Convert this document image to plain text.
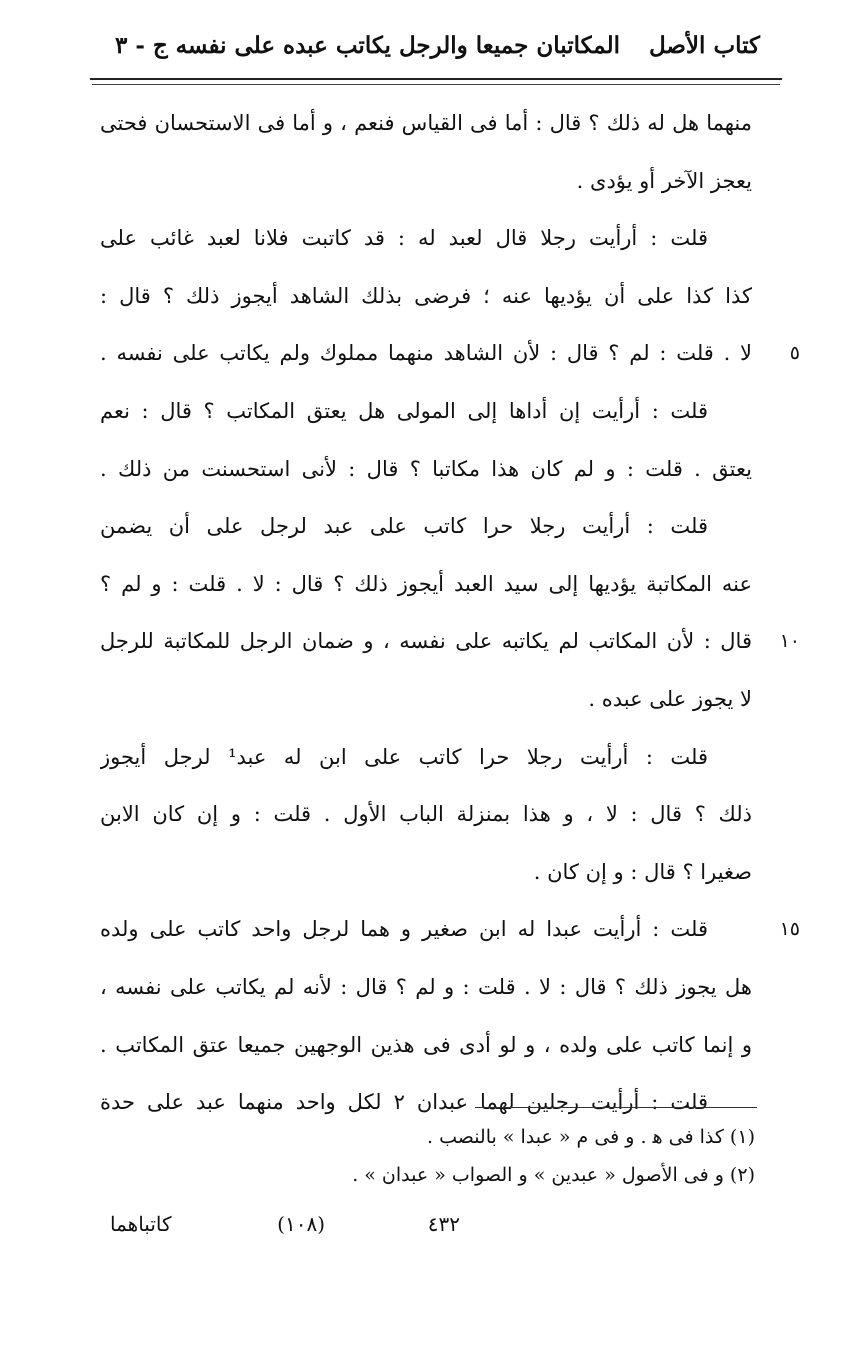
كتاب الأصل
المكاتبان جميعا والرجل يكاتب عبده على نفسه
ج - ٣
٥
١٠
١٥
منهما هل له ذلك ؟ قال : أما فى القياس فنعم ، و أما فى الاستحسان فحتى
يعجز الآخر أو يؤدى .
قلت : أرأيت رجلا قال لعبد له : قد كاتبت فلانا لعبد غائب على
كذا كذا على أن يؤديها عنه ؛ فرضى بذلك الشاهد أيجوز ذلك ؟ قال :
لا . قلت : لم ؟ قال : لأن الشاهد منهما مملوك ولم يكاتب على نفسه .
قلت : أرأيت إن أداها إلى المولى هل يعتق المكاتب ؟ قال : نعم
يعتق . قلت : و لم كان هذا مكاتبا ؟ قال : لأنى استحسنت من ذلك .
قلت : أرأيت رجلا حرا كاتب على عبد لرجل على أن يضمن
عنه المكاتبة يؤديها إلى سيد العبد أيجوز ذلك ؟ قال : لا . قلت : و لم ؟
قال : لأن المكاتب لم يكاتبه على نفسه ، و ضمان الرجل للمكاتبة للرجل
لا يجوز على عبده .
قلت : أرأيت رجلا حرا كاتب على ابن له عبد¹ لرجل أيجوز
ذلك ؟ قال : لا ، و هذا بمنزلة الباب الأول . قلت : و إن كان الابن
صغيرا ؟ قال : و إن كان .
قلت : أرأيت عبدا له ابن صغير و هما لرجل واحد كاتب على ولده
هل يجوز ذلك ؟ قال : لا . قلت : و لم ؟ قال : لأنه لم يكاتب على نفسه ،
و إنما كاتب على ولده ، و لو أدى فى هذين الوجهين جميعا عتق المكاتب .
قلت : أرأيت رجلين لهما عبدان ٢ لكل واحد منهما عبد على حدة
(١) كذا فى ﻫ . و فى م « عبدا » بالنصب .
(٢) و فى الأصول « عبدين » و الصواب « عبدان » .
٤٣٢
(١٠٨)
كاتباهما
